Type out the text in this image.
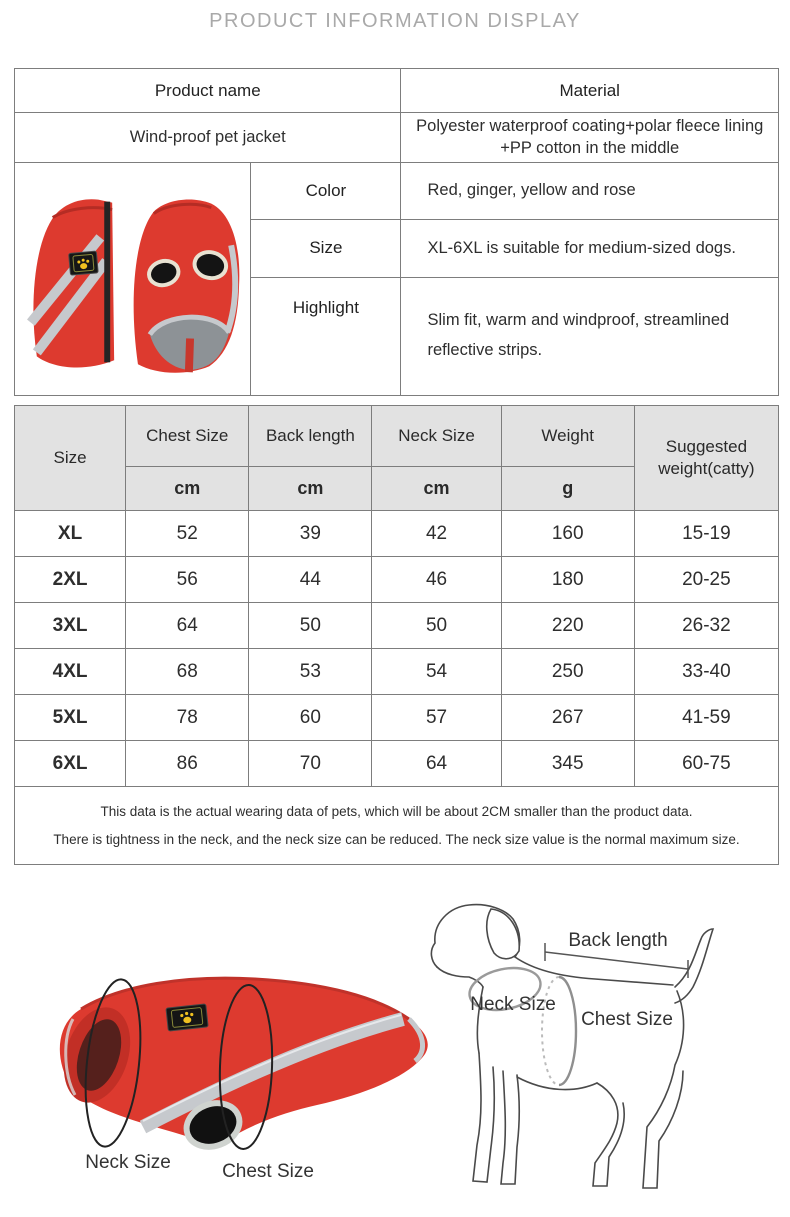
PRODUCT INFORMATION DISPLAY
Product name		Material
Wind-proof pet jacket		Polyester waterproof coating+polar fleece lining +PP cotton in the middle

	Color	Red, ginger, yellow and rose
	Size	XL-6XL is suitable for medium-sized dogs.
	Highlight	Slim fit, warm and windproof, streamlined reflective strips.
Size	Chest Size	Back length	Neck Size	Weight	Suggested weight(catty)
	cm	cm	cm	g	
XL	52	39	42	160	15-19
2XL	56	44	46	180	20-25
3XL	64	50	50	220	26-32
4XL	68	53	54	250	33-40
5XL	78	60	57	267	41-59
6XL	86	70	64	345	60-75

This data is the actual wearing data of pets, which will be about 2CM smaller than the product data.
There is tightness in the neck, and the neck size can be reduced. The neck size value is the normal maximum size.					
Back length
Neck Size
Chest Size
Neck Size	Chest Size
